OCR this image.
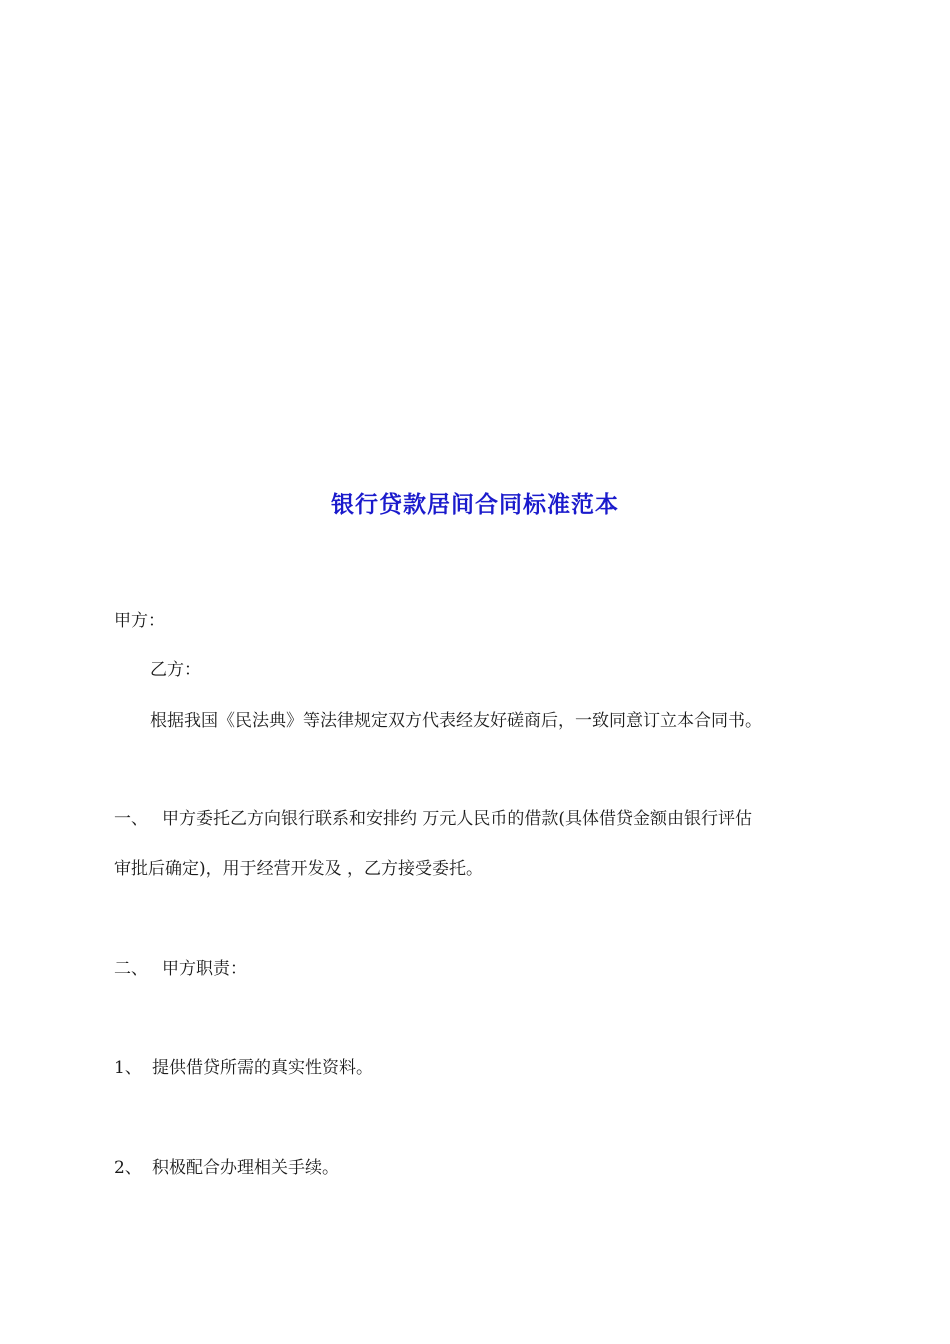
银行贷款居间合同标准范本
甲方：
乙方：
根据我国《民法典》等法律规定双方代表经友好磋商后，一致同意订立本合同书。
一、 甲方委托乙方向银行联系和安排约 万元人民币的借款(具体借贷金额由银行评估
审批后确定)，用于经营开发及 ，乙方接受委托。
二、 甲方职责：
1、 提供借贷所需的真实性资料。
2、 积极配合办理相关手续。
